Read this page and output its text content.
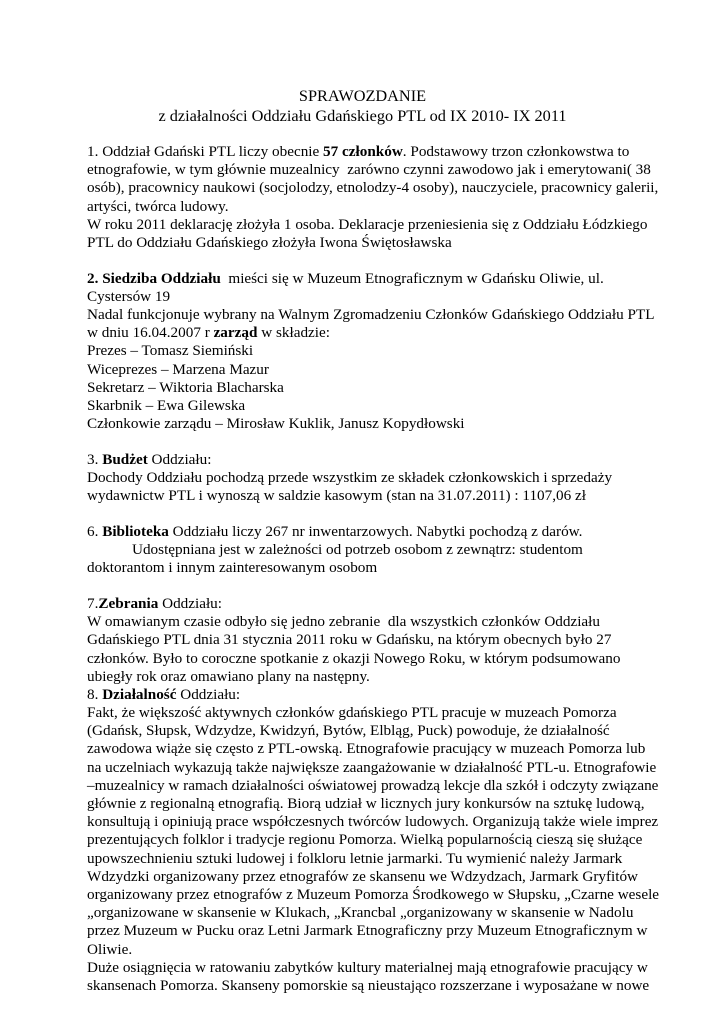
SPRAWOZDANIE
z działalności Oddziału Gdańskiego PTL od IX 2010- IX 2011
1. Oddział Gdański PTL liczy obecnie 57 członków. Podstawowy trzon członkowstwa to
etnografowie, w tym głównie muzealnicy  zarówno czynni zawodowo jak i emerytowani( 38
osób), pracownicy naukowi (socjolodzy, etnolodzy-4 osoby), nauczyciele, pracownicy galerii,
artyści, twórca ludowy.
W roku 2011 deklarację złożyła 1 osoba. Deklaracje przeniesienia się z Oddziału Łódzkiego
PTL do Oddziału Gdańskiego złożyła Iwona Świętosławska
2. Siedziba Oddziału  mieści się w Muzeum Etnograficznym w Gdańsku Oliwie, ul.
Cystersów 19
Nadal funkcjonuje wybrany na Walnym Zgromadzeniu Członków Gdańskiego Oddziału PTL
w dniu 16.04.2007 r zarząd w składzie:
Prezes – Tomasz Siemiński
Wiceprezes – Marzena Mazur
Sekretarz – Wiktoria Blacharska
Skarbnik – Ewa Gilewska
Członkowie zarządu – Mirosław Kuklik, Janusz Kopydłowski
3. Budżet Oddziału:
Dochody Oddziału pochodzą przede wszystkim ze składek członkowskich i sprzedaży
wydawnictw PTL i wynoszą w saldzie kasowym (stan na 31.07.2011) : 1107,06 zł
6. Biblioteka Oddziału liczy 267 nr inwentarzowych. Nabytki pochodzą z darów.
Udostępniana jest w zależności od potrzeb osobom z zewnątrz: studentom
doktorantom i innym zainteresowanym osobom
7.Zebrania Oddziału:
W omawianym czasie odbyło się jedno zebranie  dla wszystkich członków Oddziału
Gdańskiego PTL dnia 31 stycznia 2011 roku w Gdańsku, na którym obecnych było 27
członków. Było to coroczne spotkanie z okazji Nowego Roku, w którym podsumowano
ubiegły rok oraz omawiano plany na następny.
8. Działalność Oddziału:
Fakt, że większość aktywnych członków gdańskiego PTL pracuje w muzeach Pomorza
(Gdańsk, Słupsk, Wdzydze, Kwidzyń, Bytów, Elbląg, Puck) powoduje, że działalność
zawodowa wiąże się często z PTL-owską. Etnografowie pracujący w muzeach Pomorza lub
na uczelniach wykazują także największe zaangażowanie w działalność PTL-u. Etnografowie
–muzealnicy w ramach działalności oświatowej prowadzą lekcje dla szkół i odczyty związane
głównie z regionalną etnografią. Biorą udział w licznych jury konkursów na sztukę ludową,
konsultują i opiniują prace współczesnych twórców ludowych. Organizują także wiele imprez
prezentujących folklor i tradycje regionu Pomorza. Wielką popularnością cieszą się służące
upowszechnieniu sztuki ludowej i folkloru letnie jarmarki. Tu wymienić należy Jarmark
Wdzydzki organizowany przez etnografów ze skansenu we Wdzydzach, Jarmark Gryfitów
organizowany przez etnografów z Muzeum Pomorza Środkowego w Słupsku, „Czarne wesele
„organizowane w skansenie w Klukach, „Krancbal „organizowany w skansenie w Nadolu
przez Muzeum w Pucku oraz Letni Jarmark Etnograficzny przy Muzeum Etnograficznym w
Oliwie.
Duże osiągnięcia w ratowaniu zabytków kultury materialnej mają etnografowie pracujący w
skansenach Pomorza. Skanseny pomorskie są nieustająco rozszerzane i wyposażane w nowe
